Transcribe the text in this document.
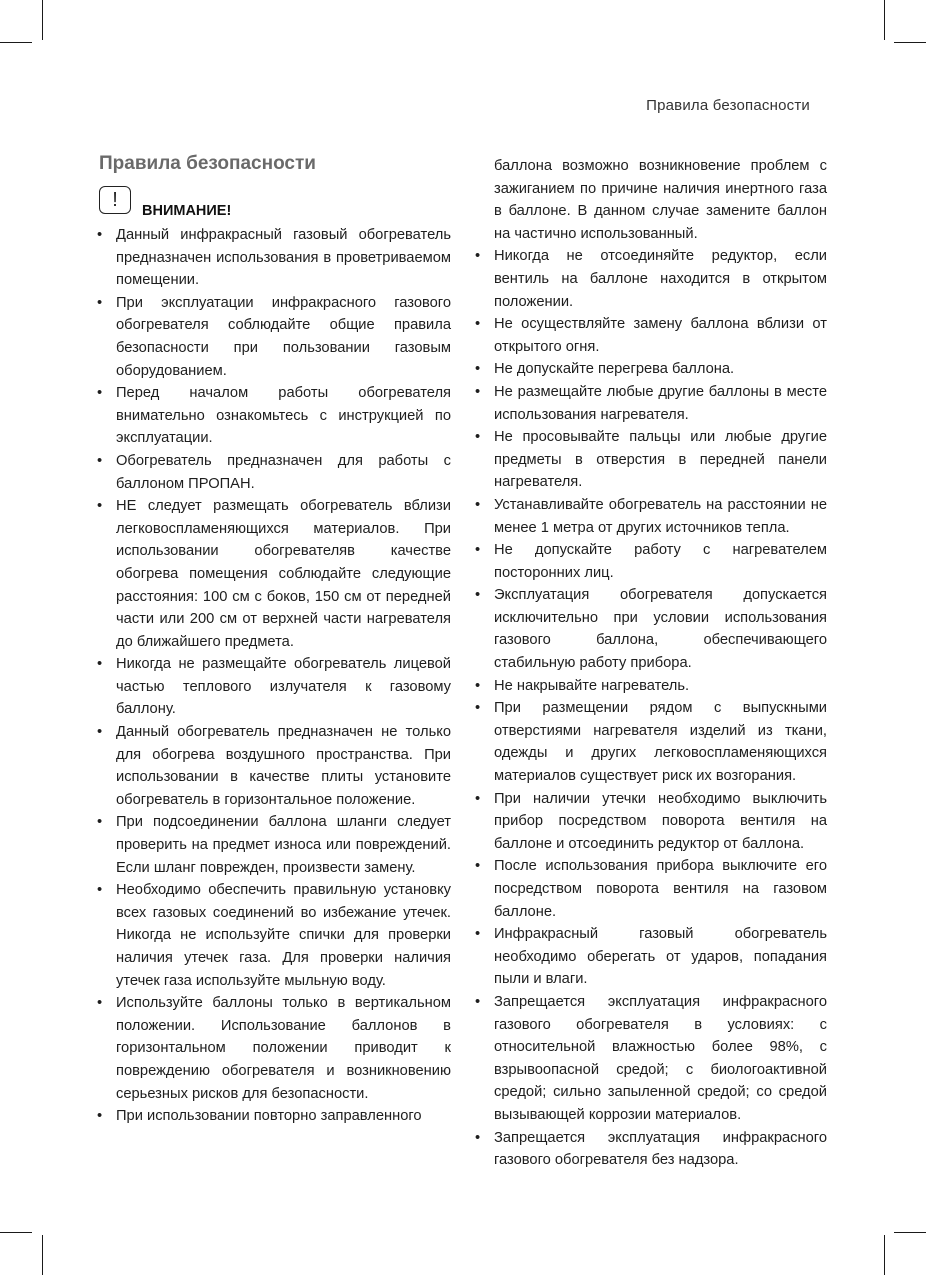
Правила безопасности
Правила безопасности
!	ВНИМАНИЕ!
• Данный инфракрасный газовый обогреватель предназначен использования в проветриваемом помещении.
• При эксплуатации инфракрасного газового обогревателя соблюдайте общие правила безопасности при пользовании газовым оборудованием.
• Перед началом работы обогревателя внимательно ознакомьтесь с инструкцией по эксплуатации.
• Обогреватель предназначен для работы с баллоном ПРОПАН.
• НЕ следует размещать обогреватель вблизи легковоспламеняющихся материалов. При использовании обогревателяв качестве обогрева помещения соблюдайте следующие расстояния: 100 см с боков, 150 см от передней части или 200 см от верхней части нагревателя до ближайшего предмета.
• Никогда не размещайте обогреватель лицевой частью теплового излучателя к газовому баллону.
• Данный обогреватель предназначен не только для обогрева воздушного пространства. При использовании в качестве плиты установите обогреватель в горизонтальное положение.
• При подсоединении баллона шланги следует проверить на предмет износа или повреждений. Если шланг поврежден, произвести замену.
• Необходимо обеспечить правильную установку всех газовых соединений во избежание утечек. Никогда не используйте спички для проверки наличия утечек газа. Для проверки наличия утечек газа используйте мыльную воду.
• Используйте баллоны только в вертикальном положении. Использование баллонов в горизонтальном положении приводит к повреждению обогревателя и возникновению серьезных рисков для безопасности.
• При использовании повторно заправленного
баллона возможно возникновение проблем с зажиганием по причине наличия инертного газа в баллоне. В данном случае замените баллон на частично использованный.
• Никогда не отсоединяйте редуктор, если вентиль на баллоне находится в открытом положении.
• Не осуществляйте замену баллона вблизи от открытого огня.
• Не допускайте перегрева баллона.
• Не размещайте любые другие баллоны в месте использования нагревателя.
• Не просовывайте пальцы или любые другие предметы в отверстия в передней панели нагревателя.
• Устанавливайте обогреватель на расстоянии не менее 1 метра от других источников тепла.
• Не допускайте работу с нагревателем посторонних лиц.
• Эксплуатация обогревателя допускается исключительно при условии использования газового баллона, обеспечивающего стабильную работу прибора.
• Не накрывайте нагреватель.
• При размещении рядом с выпускными отверстиями нагревателя изделий из ткани, одежды и других легковоспламеняющихся материалов существует риск их возгорания.
• При наличии утечки необходимо выключить прибор посредством поворота вентиля на баллоне и отсоединить редуктор от баллона.
• После использования прибора выключите его посредством поворота вентиля на газовом баллоне.
• Инфракрасный газовый обогреватель необходимо оберегать от ударов, попадания пыли и влаги.
• Запрещается эксплуатация инфракрасного газового обогревателя в условиях: с относительной влажностью более 98%, с взрывоопасной средой; с биологоактивной средой; сильно запыленной средой; со средой вызывающей коррозии материалов.
• Запрещается эксплуатация инфракрасного газового обогревателя без надзора.
